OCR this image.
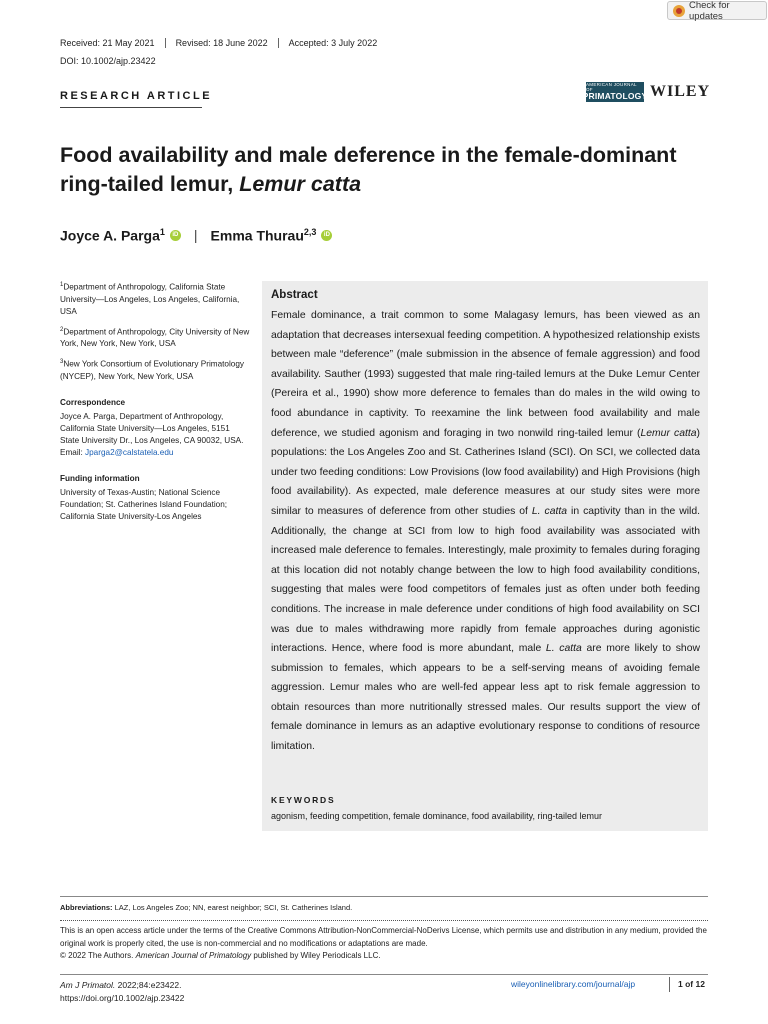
Check for updates
Received: 21 May 2021	Revised: 18 June 2022	Accepted: 3 July 2022
DOI: 10.1002/ajp.23422
RESEARCH ARTICLE
AMERICAN JOURNAL OF
PRIMATOLOGY WILEY
Food availability and male deference in the female-dominant ring-tailed lemur, Lemur catta
Joyce A. Parga$^1$	iD | Emma Thurau$^{2,3}$	iD

$^1$Department of Anthropology, California State University—Los Angeles, Los Angeles, California, USA

$^2$Department of Anthropology, City University of New York, New York, New York, USA

$^3$New York Consortium of Evolutionary Primatology (NYCEP), New York, New York, USA

Correspondence
Joyce A. Parga, Department of Anthropology, California State University—Los Angeles, 5151 State University Dr., Los Angeles, CA 90032, USA.
Email: Jparga2@calstatela.edu
Funding information
University of Texas-Austin; National Science Foundation; St. Catherines Island Foundation; California State University-Los Angeles
Abstract

Female dominance, a trait common to some Malagasy lemurs, has been viewed as an adaptation that decreases intersexual feeding competition. A hypothesized relationship exists between male “deference” (male submission in the absence of female aggression) and food availability. Sauther (1993) suggested that male ring-tailed lemurs at the Duke Lemur Center (Pereira et al., 1990) show more deference to females than do males in the wild owing to food abundance in captivity. To reexamine the link between food availability and male deference, we studied agonism and foraging in two nonwild ring-tailed lemur (Lemur catta) populations: the Los Angeles Zoo and St. Catherines Island (SCI). On SCI, we collected data under two feeding conditions: Low Provisions (low food availability) and High Provisions (high food availability). As expected, male deference measures at our study sites were more similar to measures of deference from other studies of L. catta in captivity than in the wild. Additionally, the change at SCI from low to high food availability was associated with increased male deference to females. Interestingly, male proximity to females during foraging at this location did not notably change between the low to high food availability conditions, suggesting that males were food competitors of females just as often under both feeding conditions. The increase in male deference under conditions of high food availability on SCI was due to males withdrawing more rapidly from female approaches during agonistic interactions. Hence, where food is more abundant, male L. catta are more likely to show submission to females, which appears to be a self-serving means of avoiding female aggression. Lemur males who are well-fed appear less apt to risk female aggression to obtain resources than more nutritionally stressed males. Our results support the view of female dominance in lemurs as an adaptive evolutionary response to conditions of resource limitation.

KEYWORDS
agonism, feeding competition, female dominance, food availability, ring-tailed lemur
Abbreviations: LAZ, Los Angeles Zoo; NN, earest neighbor; SCI, St. Catherines Island.
This is an open access article under the terms of the Creative Commons Attribution-NonCommercial-NoDerivs License, which permits use and distribution in any medium, provided the original work is properly cited, the use is non-commercial and no modifications or adaptations are made.
© 2022 The Authors. American Journal of Primatology published by Wiley Periodicals LLC.
Am J Primatol. 2022;84:e23422.
https://doi.org/10.1002/ajp.23422
wileyonlinelibrary.com/journal/ajp	1 of 12
